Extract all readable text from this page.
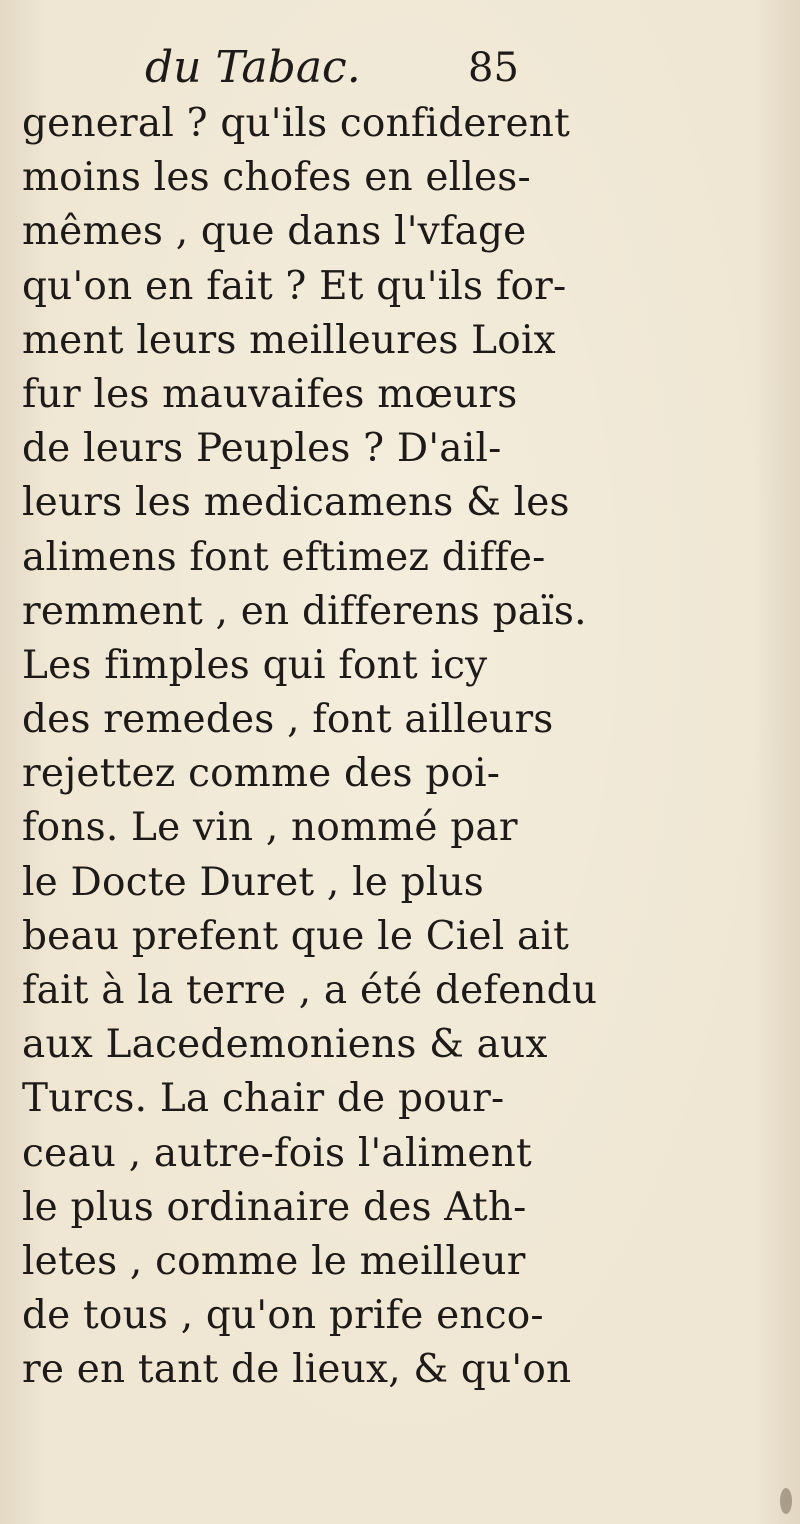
du Tabac.	85
general ? qu'ils confiderent
moins les chofes en elles-
mêmes , que dans l'vfage
qu'on en fait ? Et qu'ils for-
ment leurs meilleures Loix
fur les mauvaifes mœurs
de leurs Peuples ? D'ail-
leurs les medicamens & les
alimens font eftimez diffe-
remment , en differens païs.
Les fimples qui font icy
des remedes , font ailleurs
rejettez comme des poi-
fons. Le vin , nommé par
le Docte Duret , le plus
beau prefent que le Ciel ait
fait à la terre , a été defendu
aux Lacedemoniens & aux
Turcs. La chair de pour-
ceau , autre-fois l'aliment
le plus ordinaire des Ath-
letes , comme le meilleur
de tous , qu'on prife enco-
re en tant de lieux, & qu'on
